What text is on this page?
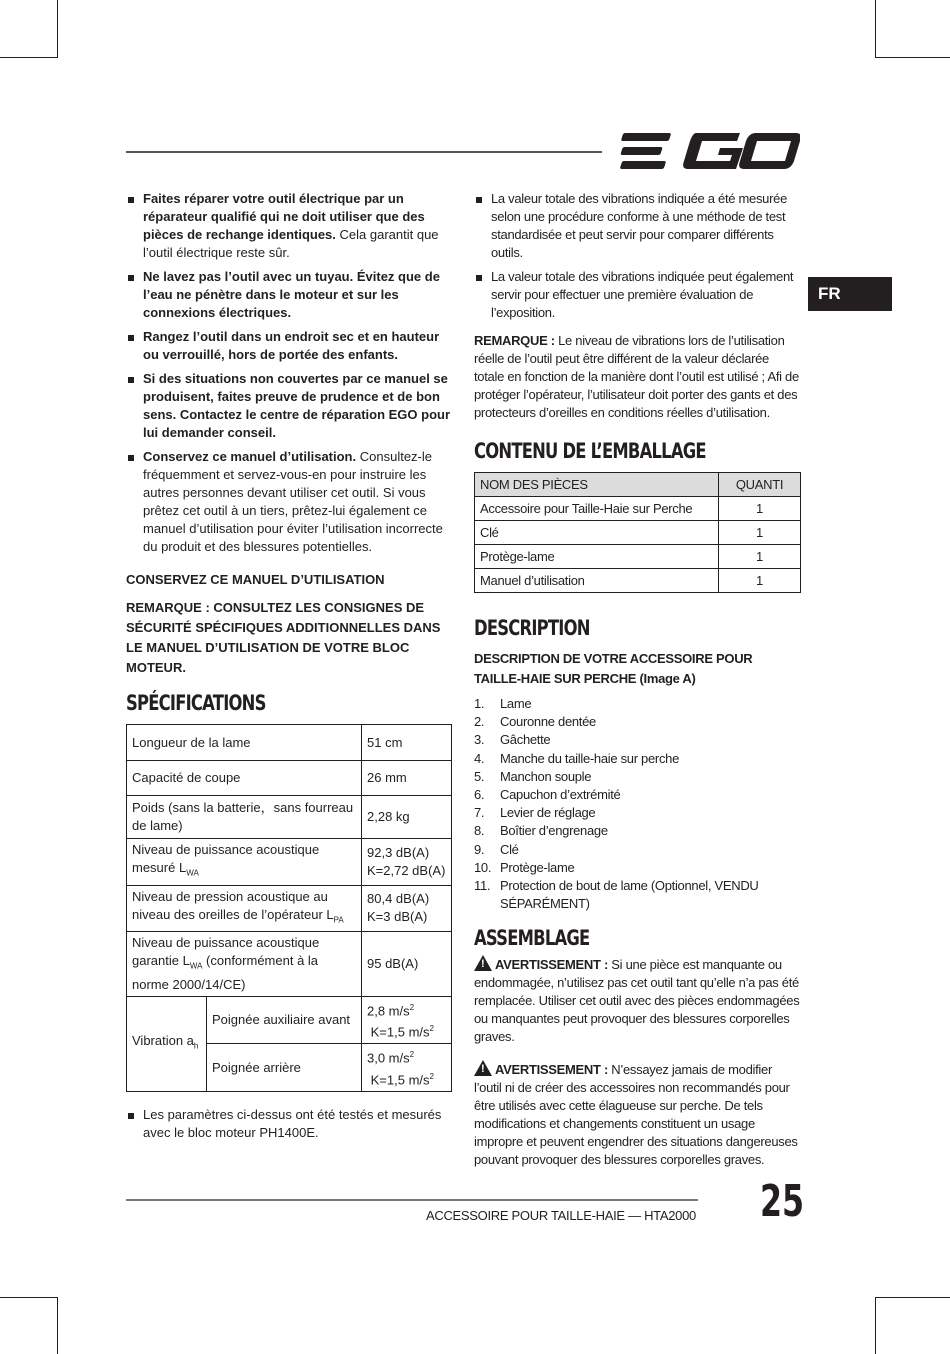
FR
Faites réparer votre outil électrique par un réparateur qualifié qui ne doit utiliser que des pièces de rechange identiques. Cela garantit que l’outil électrique reste sûr.
Ne lavez pas l’outil avec un tuyau. Évitez que de l’eau ne pénètre dans le moteur et sur les connexions électriques.
Rangez l’outil dans un endroit sec et en hauteur ou verrouillé, hors de portée des enfants.
Si des situations non couvertes par ce manuel se produisent, faites preuve de prudence et de bon sens. Contactez le centre de réparation EGO pour lui demander conseil.
Conservez ce manuel d’utilisation. Consultez-le fréquemment et servez-vous-en pour instruire les autres personnes devant utiliser cet outil. Si vous prêtez cet outil à un tiers, prêtez-lui également ce manuel d’utilisation pour éviter l’utilisation incorrecte du produit et des blessures potentielles.
CONSERVEZ CE MANUEL D’UTILISATION
REMARQUE : CONSULTEZ LES CONSIGNES DE SÉCURITÉ SPÉCIFIQUES ADDITIONNELLES DANS LE MANUEL D’UTILISATION DE VOTRE BLOC MOTEUR.
SPÉCIFICATIONS
Longueur de la lame		51 cm
Capacité de coupe		26 mm
Poids (sans la batterie，sans fourreau de lame)		2,28 kg
Niveau de puissance acoustique mesuré $L_{WA}$		92,3 dB(A)
K=2,72 dB(A)
Niveau de pression acoustique au niveau des oreilles de l’opérateur $L_{PA}$		80,4 dB(A)
K=3 dB(A)
Niveau de puissance acoustique garantie $L_{WA}$ (conformément à la norme 2000/14/CE)		95 dB(A)
Vibration $a_h$	Poignée auxiliaire avant	2,8 $m/s^2$
K=1,5 $m/s^2$
	Poignée arrière	3,0 $m/s^2$
K=1,5 $m/s^2$
Les paramètres ci-dessus ont été testés et mesurés avec le bloc moteur PH1400E.
La valeur totale des vibrations indiquée a été mesurée selon une procédure conforme à une méthode de test standardisée et peut servir pour comparer différents outils.
La valeur totale des vibrations indiquée peut également servir pour effectuer une première évaluation de l’exposition.

REMARQUE : Le niveau de vibrations lors de l’utilisation réelle de l’outil peut être différent de la valeur déclarée totale en fonction de la manière dont l’outil est utilisé ; Afi de protéger l’opérateur, l’utilisateur doit porter des gants et des protecteurs d’oreilles en conditions réelles d’utilisation.

CONTENU DE L’EMBALLAGE
NOM DES PIÈCES	QUANTI
Accessoire pour Taille-Haie sur Perche	1
Clé	1
Protège-lame	1
Manuel d’utilisation	1
DESCRIPTION
DESCRIPTION DE VOTRE ACCESSOIRE POUR TAILLE-HAIE SUR PERCHE (Image A)
1. Lame
2. Couronne dentée
3. Gâchette
4. Manche du taille-haie sur perche
5. Manchon souple
6. Capuchon d’extrémité
7. Levier de réglage
8. Boîtier d’engrenage
9. Clé
10. Protège-lame
11. Protection de bout de lame (Optionnel, VENDU SÉPARÉMENT)
ASSEMBLAGE

!AVERTISSEMENT : Si une pièce est manquante ou endommagée, n’utilisez pas cet outil tant qu’elle n’a pas été remplacée. Utiliser cet outil avec des pièces endommagées ou manquantes peut provoquer des blessures corporelles graves.

!AVERTISSEMENT : N’essayez jamais de modifier l’outil ni de créer des accessoires non recommandés pour être utilisés avec cette élagueuse sur perche. De tels modifications et changements constituent un usage impropre et peuvent engendrer des situations dangereuses pouvant provoquer des blessures corporelles graves.

ACCESSOIRE POUR TAILLE-HAIE — HTA2000 25
